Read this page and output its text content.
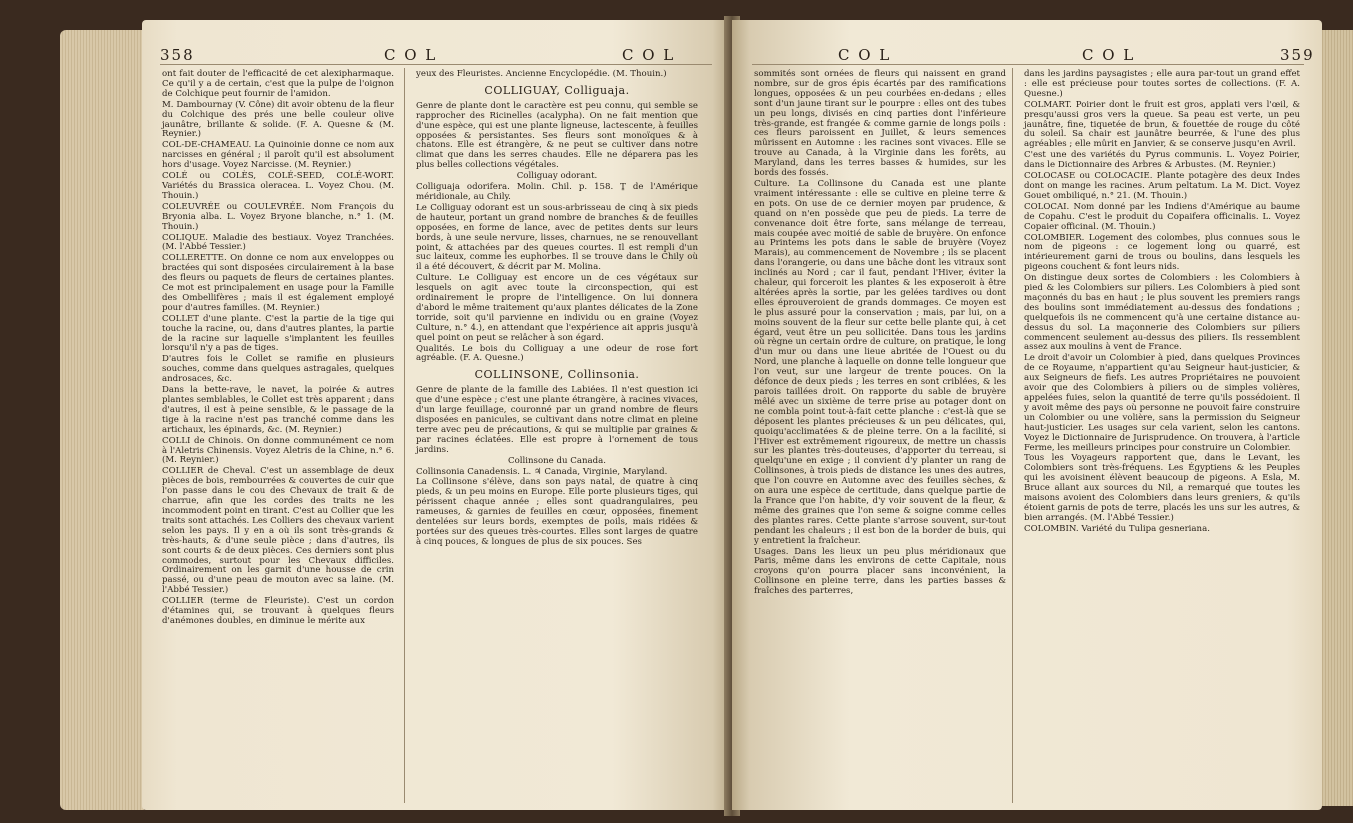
358	C O L	C O L

ont fait douter de l'efficacité de cet alexipharmaque. Ce qu'il y a de certain, c'est que la pulpe de l'oignon de Colchique peut fournir de l'amidon.

M. Dambournay (V. Cône) dit avoir obtenu de la fleur du Colchique des prés une belle couleur olive jaunâtre, brillante & solide. (F. A. Quesne & (M. Reynier.)

COL-DE-CHAMEAU. La Quinoinie donne ce nom aux narcisses en général ; il paroît qu'il est absolument hors d'usage. Voyez Narcisse. (M. Reynier.)

COLÉ ou COLÈS, COLÉ-SEED, COLÉ-WORT. Variétés du Brassica oleracea. L. Voyez Chou. (M. Thouin.)

COLEUVRÉE ou COULEVRÉE. Nom François du Bryonia alba. L. Voyez Bryone blanche, n.° 1. (M. Thouin.)

COLIQUE. Maladie des bestiaux. Voyez Tranchées. (M. l'Abbé Tessier.)

COLLERETTE. On donne ce nom aux enveloppes ou bractées qui sont disposées circulairement à la base des fleurs ou paquets de fleurs de certaines plantes. Ce mot est principalement en usage pour la Famille des Ombellifères ; mais il est également employé pour d'autres familles. (M. Reynier.)

COLLET d'une plante. C'est la partie de la tige qui touche la racine, ou, dans d'autres plantes, la partie de la racine sur laquelle s'implantent les feuilles lorsqu'il n'y a pas de tiges.

D'autres fois le Collet se ramifie en plusieurs souches, comme dans quelques astragales, quelques androsaces, &c.

Dans la bette-rave, le navet, la poirée & autres plantes semblables, le Collet est très apparent ; dans d'autres, il est à peine sensible, & le passage de la tige à la racine n'est pas tranché comme dans les artichaux, les épinards, &c. (M. Reynier.)

COLLI de Chinois. On donne communément ce nom à l'Aletris Chinensis. Voyez Aletris de la Chine, n.° 6. (M. Reynier.)

COLLIER de Cheval. C'est un assemblage de deux pièces de bois, rembourrées & couvertes de cuir que l'on passe dans le cou des Chevaux de trait & de charrue, afin que les cordes des traits ne les incommodent point en tirant. C'est au Collier que les traits sont attachés. Les Colliers des chevaux varient selon les pays. Il y en a où ils sont très-grands & très-hauts, & d'une seule pièce ; dans d'autres, ils sont courts & de deux pièces. Ces derniers sont plus commodes, surtout pour les Chevaux difficiles. Ordinairement on les garnit d'une housse de crin passé, ou d'une peau de mouton avec sa laine. (M. l'Abbé Tessier.)

COLLIER (terme de Fleuriste). C'est un cordon d'étamines qui, se trouvant à quelques fleurs d'anémones doubles, en diminue le mérite aux

yeux des Fleuristes. Ancienne Encyclopédie. (M. Thouin.)

COLLIGUAY, Colliguaja.

Genre de plante dont le caractère est peu connu, qui semble se rapprocher des Ricinelles (acalypha). On ne fait mention que d'une espèce, qui est une plante ligneuse, lactescente, à feuilles opposées & persistantes. Ses fleurs sont monoïques & à chatons. Elle est étrangère, & ne peut se cultiver dans notre climat que dans les serres chaudes. Elle ne déparera pas les plus belles collections végétales.

Colliguay odorant.

Colliguaja odorifera. Molin. Chil. p. 158. Ṯ de l'Amérique méridionale, au Chily.

Le Colliguay odorant est un sous-arbrisseau de cinq à six pieds de hauteur, portant un grand nombre de branches & de feuilles opposées, en forme de lance, avec de petites dents sur leurs bords, à une seule nervure, lisses, charnues, ne se renouvellant point, & attachées par des queues courtes. Il est rempli d'un suc laiteux, comme les euphorbes. Il se trouve dans le Chily où il a été découvert, & décrit par M. Molina.

Culture. Le Colliguay est encore un de ces végétaux sur lesquels on agit avec toute la circonspection, qui est ordinairement le propre de l'intelligence. On lui donnera d'abord le même traitement qu'aux plantes délicates de la Zone torride, soit qu'il parvienne en individu ou en graine (Voyez Culture, n.° 4.), en attendant que l'expérience ait appris jusqu'à quel point on peut se relâcher à son égard.

Qualités. Le bois du Colliguay a une odeur de rose fort agréable. (F. A. Quesne.)

COLLINSONE, Collinsonia.

Genre de plante de la famille des Labiées. Il n'est question ici que d'une espèce ; c'est une plante étrangère, à racines vivaces, d'un large feuillage, couronné par un grand nombre de fleurs disposées en panicules, se cultivant dans notre climat en pleine terre avec peu de précautions, & qui se multiplie par graines & par racines éclatées. Elle est propre à l'ornement de tous jardins.

Collinsone du Canada.

Collinsonia Canadensis. L. ♃ Canada, Virginie, Maryland.

La Collinsone s'élève, dans son pays natal, de quatre à cinq pieds, & un peu moins en Europe. Elle porte plusieurs tiges, qui périssent chaque année ; elles sont quadrangulaires, peu rameuses, & garnies de feuilles en cœur, opposées, finement dentelées sur leurs bords, exemptes de poils, mais ridées & portées sur des queues très-courtes. Elles sont larges de quatre à cinq pouces, & longues de plus de six pouces. Ses

C O L	C O L	359

sommités sont ornées de fleurs qui naissent en grand nombre, sur de gros épis écartés par des ramifications longues, opposées & un peu courbées en-dedans ; elles sont d'un jaune tirant sur le pourpre : elles ont des tubes un peu longs, divisés en cinq parties dont l'inférieure très-grande, est frangée & comme garnie de longs poils : ces fleurs paroissent en Juillet, & leurs semences mûrissent en Automne : les racines sont vivaces. Elle se trouve au Canada, à la Virginie dans les forêts, au Maryland, dans les terres basses & humides, sur les bords des fossés.

Culture. La Collinsone du Canada est une plante vraiment intéressante : elle se cultive en pleine terre & en pots. On use de ce dernier moyen par prudence, & quand on n'en possède que peu de pieds. La terre de convenance doit être forte, sans mélange de terreau, mais coupée avec moitié de sable de bruyère. On enfonce au Printems les pots dans le sable de bruyère (Voyez Marais), au commencement de Novembre ; ils se placent dans l'orangerie, ou dans une bâche dont les vitraux sont inclinés au Nord ; car il faut, pendant l'Hiver, éviter la chaleur, qui forceroit les plantes & les exposeroit à être altérées après la sortie, par les gelées tardives ou dont elles éprouveroient de grands dommages. Ce moyen est le plus assuré pour la conservation ; mais, par lui, on a moins souvent de la fleur sur cette belle plante qui, à cet égard, veut être un peu sollicitée. Dans tous les jardins où règne un certain ordre de culture, on pratique, le long d'un mur ou dans une lieue abritée de l'Ouest ou du Nord, une planche à laquelle on donne telle longueur que l'on veut, sur une largeur de trente pouces. On la défonce de deux pieds ; les terres en sont criblées, & les parois taillées droit. On rapporte du sable de bruyère mêlé avec un sixième de terre prise au potager dont on ne combla point tout-à-fait cette planche : c'est-là que se déposent les plantes précieuses & un peu délicates, qui, quoiqu'acclimatées & de pleine terre. On a la facilité, si l'Hiver est extrêmement rigoureux, de mettre un chassis sur les plantes très-douteuses, d'apporter du terreau, si quelqu'une en exige ; il convient d'y planter un rang de Collinsones, à trois pieds de distance les unes des autres, que l'on couvre en Automne avec des feuilles sèches, & on aura une espèce de certitude, dans quelque partie de la France que l'on habite, d'y voir souvent de la fleur, & même des graines que l'on seme & soigne comme celles des plantes rares. Cette plante s'arrose souvent, sur-tout pendant les chaleurs ; il est bon de la border de buis, qui y entretient la fraîcheur.

Usages. Dans les lieux un peu plus méridionaux que Paris, même dans les environs de cette Capitale, nous croyons qu'on pourra placer sans inconvénient, la Collinsone en pleine terre, dans les parties basses & fraîches des parterres,

dans les jardins paysagistes ; elle aura par-tout un grand effet : elle est précieuse pour toutes sortes de collections. (F. A. Quesne.)

COLMART. Poirier dont le fruit est gros, applati vers l'œil, & presqu'aussi gros vers la queue. Sa peau est verte, un peu jaunâtre, fine, tiquetée de brun, & fouettée de rouge du côté du soleil. Sa chair est jaunâtre beurrée, & l'une des plus agréables ; elle mûrit en Janvier, & se conserve jusqu'en Avril.

C'est une des variétés du Pyrus communis. L. Voyez Poirier, dans le Dictionnaire des Arbres & Arbustes. (M. Reynier.)

COLOCASE ou COLOCACIE. Plante potagère des deux Indes dont on mange les racines. Arum peltatum. La M. Dict. Voyez Gouet ombiliqué, n.° 21. (M. Thouin.)

COLOCAI. Nom donné par les Indiens d'Amérique au baume de Copahu. C'est le produit du Copaifera officinalis. L. Voyez Copaier officinal. (M. Thouin.)

COLOMBIER. Logement des colombes, plus connues sous le nom de pigeons : ce logement long ou quarré, est intérieurement garni de trous ou boulins, dans lesquels les pigeons couchent & font leurs nids.

On distingue deux sortes de Colombiers : les Colombiers à pied & les Colombiers sur piliers. Les Colombiers à pied sont maçonnés du bas en haut ; le plus souvent les premiers rangs des boulins sont immédiatement au-dessus des fondations ; quelquefois ils ne commencent qu'à une certaine distance au-dessus du sol. La maçonnerie des Colombiers sur piliers commencent seulement au-dessus des piliers. Ils ressemblent assez aux moulins à vent de France.

Le droit d'avoir un Colombier à pied, dans quelques Provinces de ce Royaume, n'appartient qu'au Seigneur haut-justicier, & aux Seigneurs de fiefs. Les autres Propriétaires ne pouvoient avoir que des Colombiers à piliers ou de simples volières, appelées fuies, selon la quantité de terre qu'ils possédoient. Il y avoit même des pays où personne ne pouvoit faire construire un Colombier ou une volière, sans la permission du Seigneur haut-justicier. Les usages sur cela varient, selon les cantons. Voyez le Dictionnaire de Jurisprudence. On trouvera, à l'article Ferme, les meilleurs principes pour construire un Colombier.

Tous les Voyageurs rapportent que, dans le Levant, les Colombiers sont très-fréquens. Les Égyptiens & les Peuples qui les avoisinent élèvent beaucoup de pigeons. A Esla, M. Bruce allant aux sources du Nil, a remarqué que toutes les maisons avoient des Colombiers dans leurs greniers, & qu'ils étoient garnis de pots de terre, placés les uns sur les autres, & bien arrangés. (M. l'Abbé Tessier.)

COLOMBIN. Variété du Tulipa gesneriana.
